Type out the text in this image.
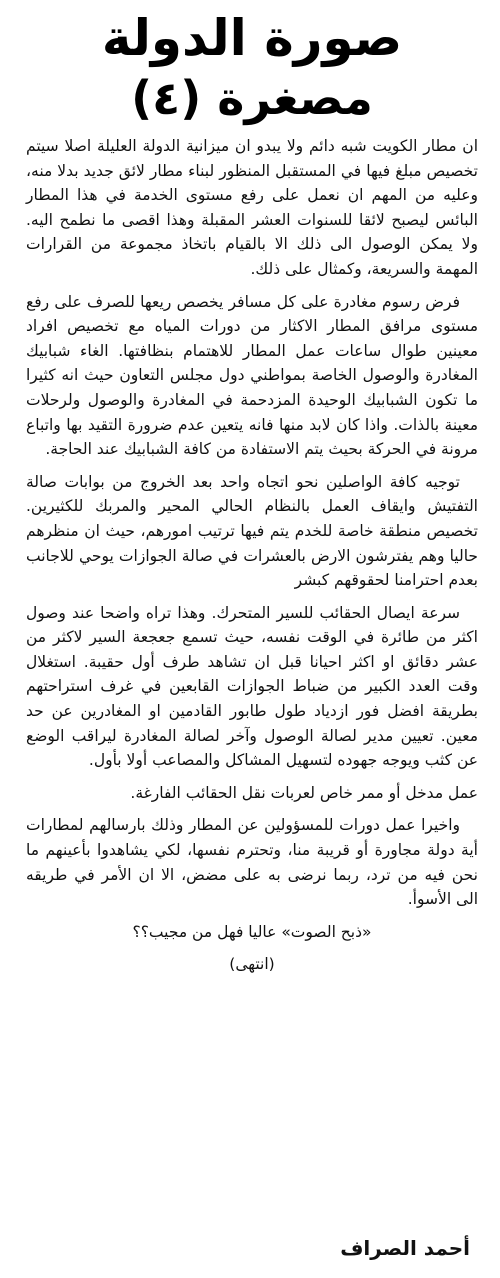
صورة الدولة
مصغرة (٤)

ان مطار الكويت شبه دائم ولا يبدو ان ميزانية الدولة العليلة اصلا سيتم تخصيص مبلغ فيها في المستقبل المنظور لبناء مطار لائق جديد بدلا منه، وعليه من المهم ان نعمل على رفع مستوى الخدمة في هذا المطار البائس ليصبح لائقا للسنوات العشر المقبلة وهذا اقصى ما نطمح اليه. ولا يمكن الوصول الى ذلك الا بالقيام باتخاذ مجموعة من القرارات المهمة والسريعة، وكمثال على ذلك.

فرض رسوم مغادرة على كل مسافر يخصص ريعها للصرف على رفع مستوى مرافق المطار الاكثار من دورات المياه مع تخصيص افراد معينين طوال ساعات عمل المطار للاهتمام بنظافتها. الغاء شبابيك المغادرة والوصول الخاصة بمواطني دول مجلس التعاون حيث انه كثيرا ما تكون الشبابيك الوحيدة المزدحمة في المغادرة والوصول ولرحلات معينة بالذات. واذا كان لابد منها فانه يتعين عدم ضرورة التقيد بها واتباع مرونة في الحركة بحيث يتم الاستفادة من كافة الشبابيك عند الحاجة.

توجيه كافة الواصلين نحو اتجاه واحد بعد الخروج من بوابات صالة التفتيش وايقاف العمل بالنظام الحالي المحير والمربك للكثيرين. تخصيص منطقة خاصة للخدم يتم فيها ترتيب امورهم، حيث ان منظرهم حاليا وهم يفترشون الارض بالعشرات في صالة الجوازات يوحي للاجانب بعدم احترامنا لحقوقهم كبشر

سرعة ايصال الحقائب للسير المتحرك. وهذا تراه واضحا عند وصول اكثر من طائرة في الوقت نفسه، حيث تسمع جعجعة السير لاكثر من عشر دقائق او اكثر احيانا قبل ان تشاهد طرف أول حقيبة. استغلال وقت العدد الكبير من ضباط الجوازات القابعين في غرف استراحتهم بطريقة افضل فور ازدياد طول طابور القادمين او المغادرين عن حد معين. تعيين مدير لصالة الوصول وآخر لصالة المغادرة ليراقب الوضع عن كثب ويوجه جهوده لتسهيل المشاكل والمصاعب أولا بأول.

عمل مدخل أو ممر خاص لعربات نقل الحقائب الفارغة.

واخيرا عمل دورات للمسؤولين عن المطار وذلك بارسالهم لمطارات أية دولة مجاورة أو قريبة منا، وتحترم نفسها، لكي يشاهدوا بأعينهم ما نحن فيه من ترد، ربما نرضى به على مضض، الا ان الأمر في طريقه الى الأسوأ.

«ذبح الصوت» عاليا فهل من مجيب؟؟

(انتهى)

أحمد الصراف
